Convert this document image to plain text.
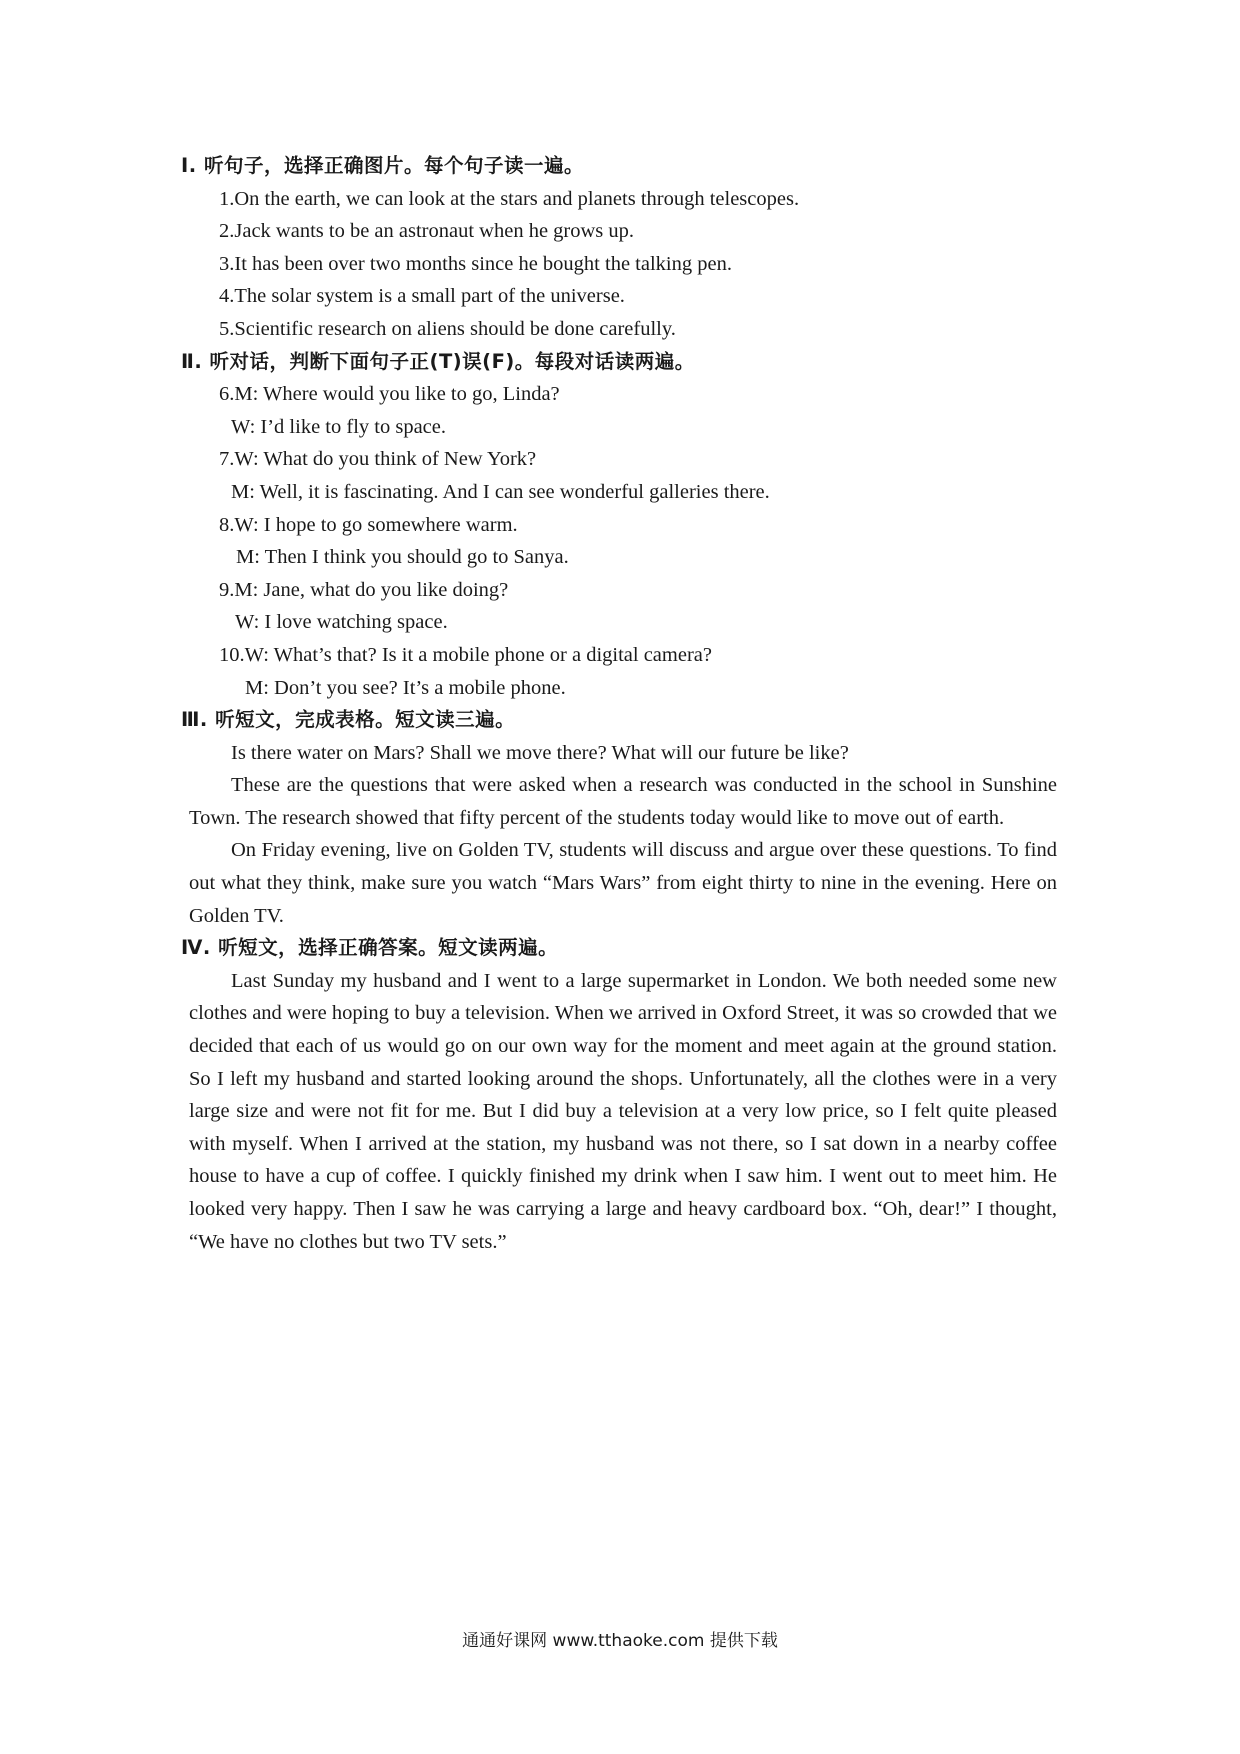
Ⅰ. 听句子，选择正确图片。每个句子读一遍。
1.On the earth, we can look at the stars and planets through telescopes.
2.Jack wants to be an astronaut when he grows up.
3.It has been over two months since he bought the talking pen.
4.The solar system is a small part of the universe.
5.Scientific research on aliens should be done carefully.
Ⅱ. 听对话，判断下面句子正(T)误(F)。每段对话读两遍。
6.M: Where would you like to go, Linda?
W: I’d like to fly to space.
7.W: What do you think of New York?
M: Well, it is fascinating. And I can see wonderful galleries there.
8.W: I hope to go somewhere warm.
M: Then I think you should go to Sanya.
9.M: Jane, what do you like doing?
W: I love watching space.
10.W: What’s that? Is it a mobile phone or a digital camera?
M: Don’t you see? It’s a mobile phone.
Ⅲ. 听短文，完成表格。短文读三遍。

Is there water on Mars? Shall we move there? What will our future be like?

These are the questions that were asked when a research was conducted in the school in Sunshine Town. The research showed that fifty percent of the students today would like to move out of earth.

On Friday evening, live on Golden TV, students will discuss and argue over these questions. To find out what they think, make sure you watch “Mars Wars” from eight thirty to nine in the evening. Here on Golden TV.

Ⅳ. 听短文，选择正确答案。短文读两遍。

Last Sunday my husband and I went to a large supermarket in London. We both needed some new clothes and were hoping to buy a television. When we arrived in Oxford Street, it was so crowded that we decided that each of us would go on our own way for the moment and meet again at the ground station. So I left my husband and started looking around the shops. Unfortunately, all the clothes were in a very large size and were not fit for me. But I did buy a television at a very low price, so I felt quite pleased with myself. When I arrived at the station, my husband was not there, so I sat down in a nearby coffee house to have a cup of coffee. I quickly finished my drink when I saw him. I went out to meet him. He looked very happy. Then I saw he was carrying a large and heavy cardboard box. “Oh, dear!” I thought, “We have no clothes but two TV sets.”

通通好课网 www.tthaoke.com 提供下载
